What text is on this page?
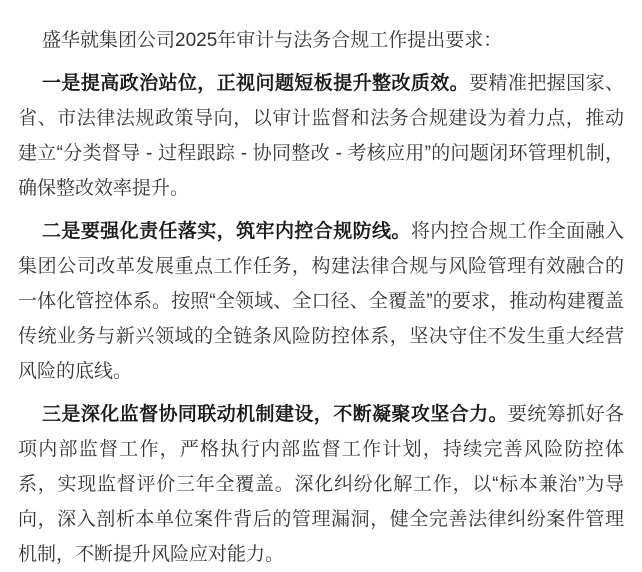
盛华就集团公司2025年审计与法务合规工作提出要求：

一是提高政治站位，正视问题短板提升整改质效。要精准把握国家、省、市法律法规政策导向，以审计监督和法务合规建设为着力点，推动建立“分类督导 - 过程跟踪 - 协同整改 - 考核应用”的问题闭环管理机制，确保整改效率提升。

二是要强化责任落实，筑牢内控合规防线。将内控合规工作全面融入集团公司改革发展重点工作任务，构建法律合规与风险管理有效融合的一体化管控体系。按照“全领域、全口径、全覆盖”的要求，推动构建覆盖传统业务与新兴领域的全链条风险防控体系，坚决守住不发生重大经营风险的底线。

三是深化监督协同联动机制建设，不断凝聚攻坚合力。要统筹抓好各项内部监督工作，严格执行内部监督工作计划，持续完善风险防控体系，实现监督评价三年全覆盖。深化纠纷化解工作，以“标本兼治”为导向，深入剖析本单位案件背后的管理漏洞，健全完善法律纠纷案件管理机制，不断提升风险应对能力。
